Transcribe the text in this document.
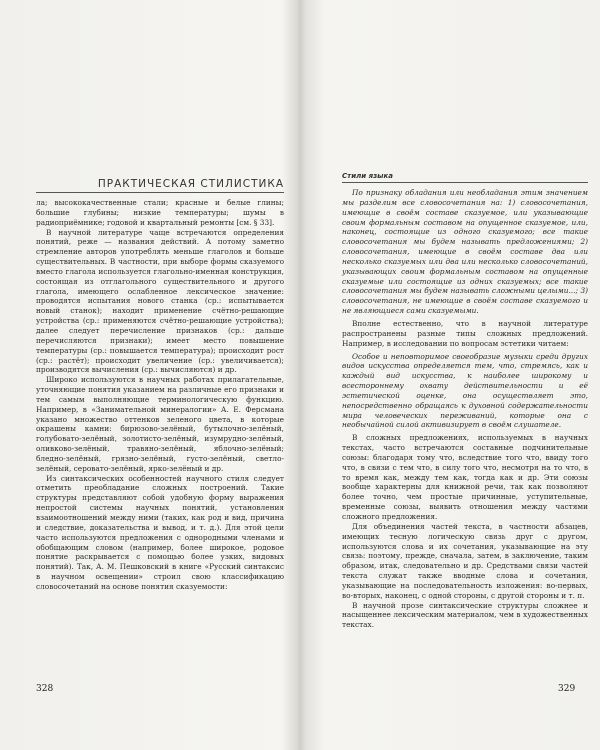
ПРАКТИЧЕСКАЯ СТИЛИСТИКА

ла; высококачественные стали; красные и белые глины; большие глубины; низкие температуры; шумы в радиоприёмнике; годовой и квартальный ремонты [см. § 33].

В научной литературе чаще встречаются определения понятий, реже — названия действий. А потому заметно стремление авторов употреблять меньше глаголов и больше существительных. В частности, при выборе формы сказуемого вместо глагола используется глагольно-именная конструкция, состоящая из отглагольного существительного и другого глагола, имеющего ослабленное лексическое значение: проводятся испытания нового станка (ср.: испытывается новый станок); находит применение счётно-решающие устройства (ср.: применяются счётно-решающие устройства); далее следует перечисление признаков (ср.: дальше перечисляются признаки); имеет место повышение температуры (ср.: повышается температура); происходит рост (ср.: растёт); происходит увеличение (ср.: увеличивается); производятся вычисления (ср.: вычисляются) и др.

Широко используются в научных работах прилагательные, уточняющие понятия указанием на различные его признаки и тем самым выполняющие терминологическую функцию. Например, в «Занимательной минералогии» А. Е. Ферсмана указано множество оттенков зеленого цвета, в которые окрашены камни: бирюзово-зелёный, бутылочно-зелёный, голубовато-зелёный, золотисто-зелёный, изумрудно-зелёный, оливково-зелёный, травяно-зелёный, яблочно-зелёный; бледно-зелёный, грязно-зелёный, густо-зелёный, светло-зелёный, серовато-зелёный, ярко-зелёный и др.

Из синтаксических особенностей научного стиля следует отметить преобладание сложных построений. Такие структуры представляют собой удобную форму выражения непростой системы научных понятий, установления взаимоотношений между ними (таких, как род и вид, причина и следствие, доказательства и вывод, и т. д.). Для этой цели часто используются предложения с однородными членами и обобщающим словом (например, более широкое, родовое понятие раскрывается с помощью более узких, видовых понятий). Так, А. М. Пешковский в книге «Русский синтаксис в научном освещении» строил свою классификацию словосочетаний на основе понятия сказуемости:

328
Стили языка

По признаку обладания или необладания этим значением мы разделим все словосочетания на: 1) словосочетания, имеющие в своём составе сказуемое, или указывающие своим формальным составом на опущенное сказуемое, или, наконец, состоящие из одного сказуемого; все такие словосочетания мы будем называть предложениями; 2) словосочетания, имеющие в своём составе два или несколько сказуемых или два или несколько словосочетаний, указывающих своим формальным составом на опущенные сказуемые или состоящие из одних сказуемых; все такие словосочетания мы будем называть сложными целыми...; 3) словосочетания, не имеющие в своём составе сказуемого и не являющиеся сами сказуемыми.

Вполне естественно, что в научной литературе распространены разные типы сложных предложений. Например, в исследовании по вопросам эстетики читаем:

Особое и неповторимое своеобразие музыки среди других видов искусства определяется тем, что, стремясь, как и каждый вид искусства, к наиболее широкому и всестороннему охвату действительности и её эстетической оценке, она осуществляет это, непосредственно обращаясь к духовной содержательности мира человеческих переживаний, которые она с необычайной силой активизирует в своём слушателе.

В сложных предложениях, используемых в научных текстах, часто встречаются составные подчинительные союзы: благодаря тому что, вследствие того что, ввиду того что, в связи с тем что, в силу того что, несмотря на то что, в то время как, между тем как, тогда как и др. Эти союзы вообще характерны для книжной речи, так как позволяют более точно, чем простые причинные, уступительные, временные союзы, выявить отношения между частями сложного предложения.

Для объединения частей текста, в частности абзацев, имеющих тесную логическую связь друг с другом, используются слова и их сочетания, указывающие на эту связь: поэтому, прежде, сначала, затем, в заключение, таким образом, итак, следовательно и др. Средствами связи частей текста служат также вводные слова и сочетания, указывающие на последовательность изложения: во-первых, во-вторых, наконец, с одной стороны, с другой стороны и т. п.

В научной прозе синтаксические структуры сложнее и насыщеннее лексическим материалом, чем в художественных текстах.

329
